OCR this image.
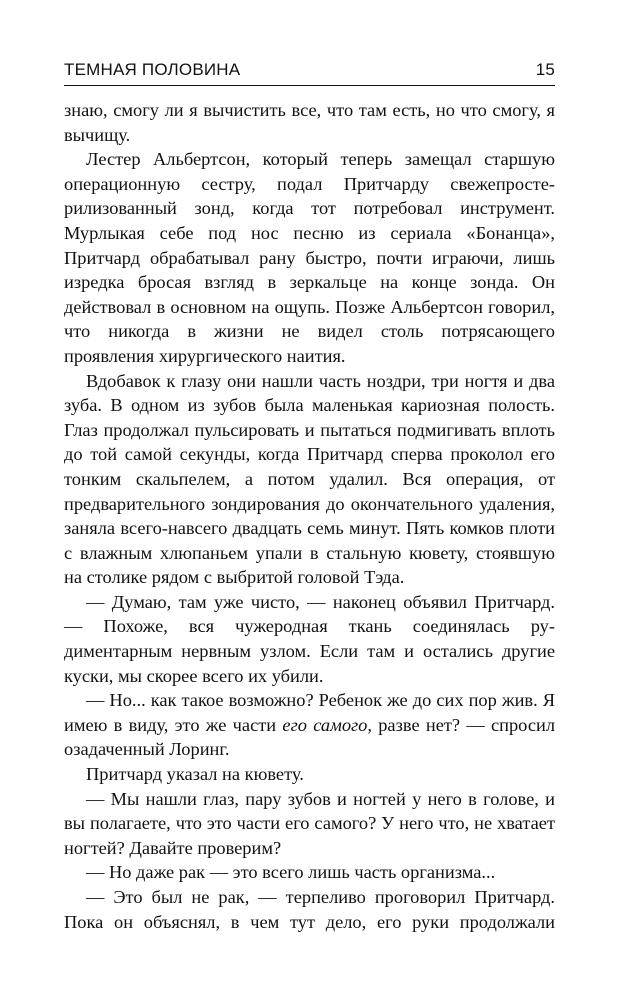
ТЕМНАЯ ПОЛОВИНА	15

знаю, смогу ли я вычистить все, что там есть, но что смогу, я вычищу.

Лестер Альбертсон, который теперь замещал старшую операционную сестру, подал Притчарду свежепростерилизованный зонд, когда тот потребовал инструмент. Мурлыкая себе под нос песню из сериала «Бонанца», Притчард обрабатывал рану быстро, почти играючи, лишь изредка бросая взгляд в зеркальце на конце зонда. Он действовал в основном на ощупь. Позже Альбертсон говорил, что никогда в жизни не видел столь потрясающего проявления хирургического наития.

Вдобавок к глазу они нашли часть ноздри, три ногтя и два зуба. В одном из зубов была маленькая кариозная полость. Глаз продолжал пульсировать и пытаться подмигивать вплоть до той самой секунды, когда Притчард сперва проколол его тонким скальпелем, а потом удалил. Вся операция, от предварительного зондирования до окончательного удаления, заняла всего-навсего двадцать семь минут. Пять комков плоти с влажным хлюпаньем упали в стальную кювету, стоявшую на столике рядом с выбритой головой Тэда.

— Думаю, там уже чисто, — наконец объявил Притчард. — Похоже, вся чужеродная ткань соединялась рудиментарным нервным узлом. Если там и остались другие куски, мы скорее всего их убили.

— Но... как такое возможно? Ребенок же до сих пор жив. Я имею в виду, это же части его самого, разве нет? — спросил озадаченный Лоринг.

Притчард указал на кювету.

— Мы нашли глаз, пару зубов и ногтей у него в голове, и вы полагаете, что это части его самого? У него что, не хватает ногтей? Давайте проверим?

— Но даже рак — это всего лишь часть организма...

— Это был не рак, — терпеливо проговорил Притчард. Пока он объяснял, в чем тут дело, его руки продолжали
